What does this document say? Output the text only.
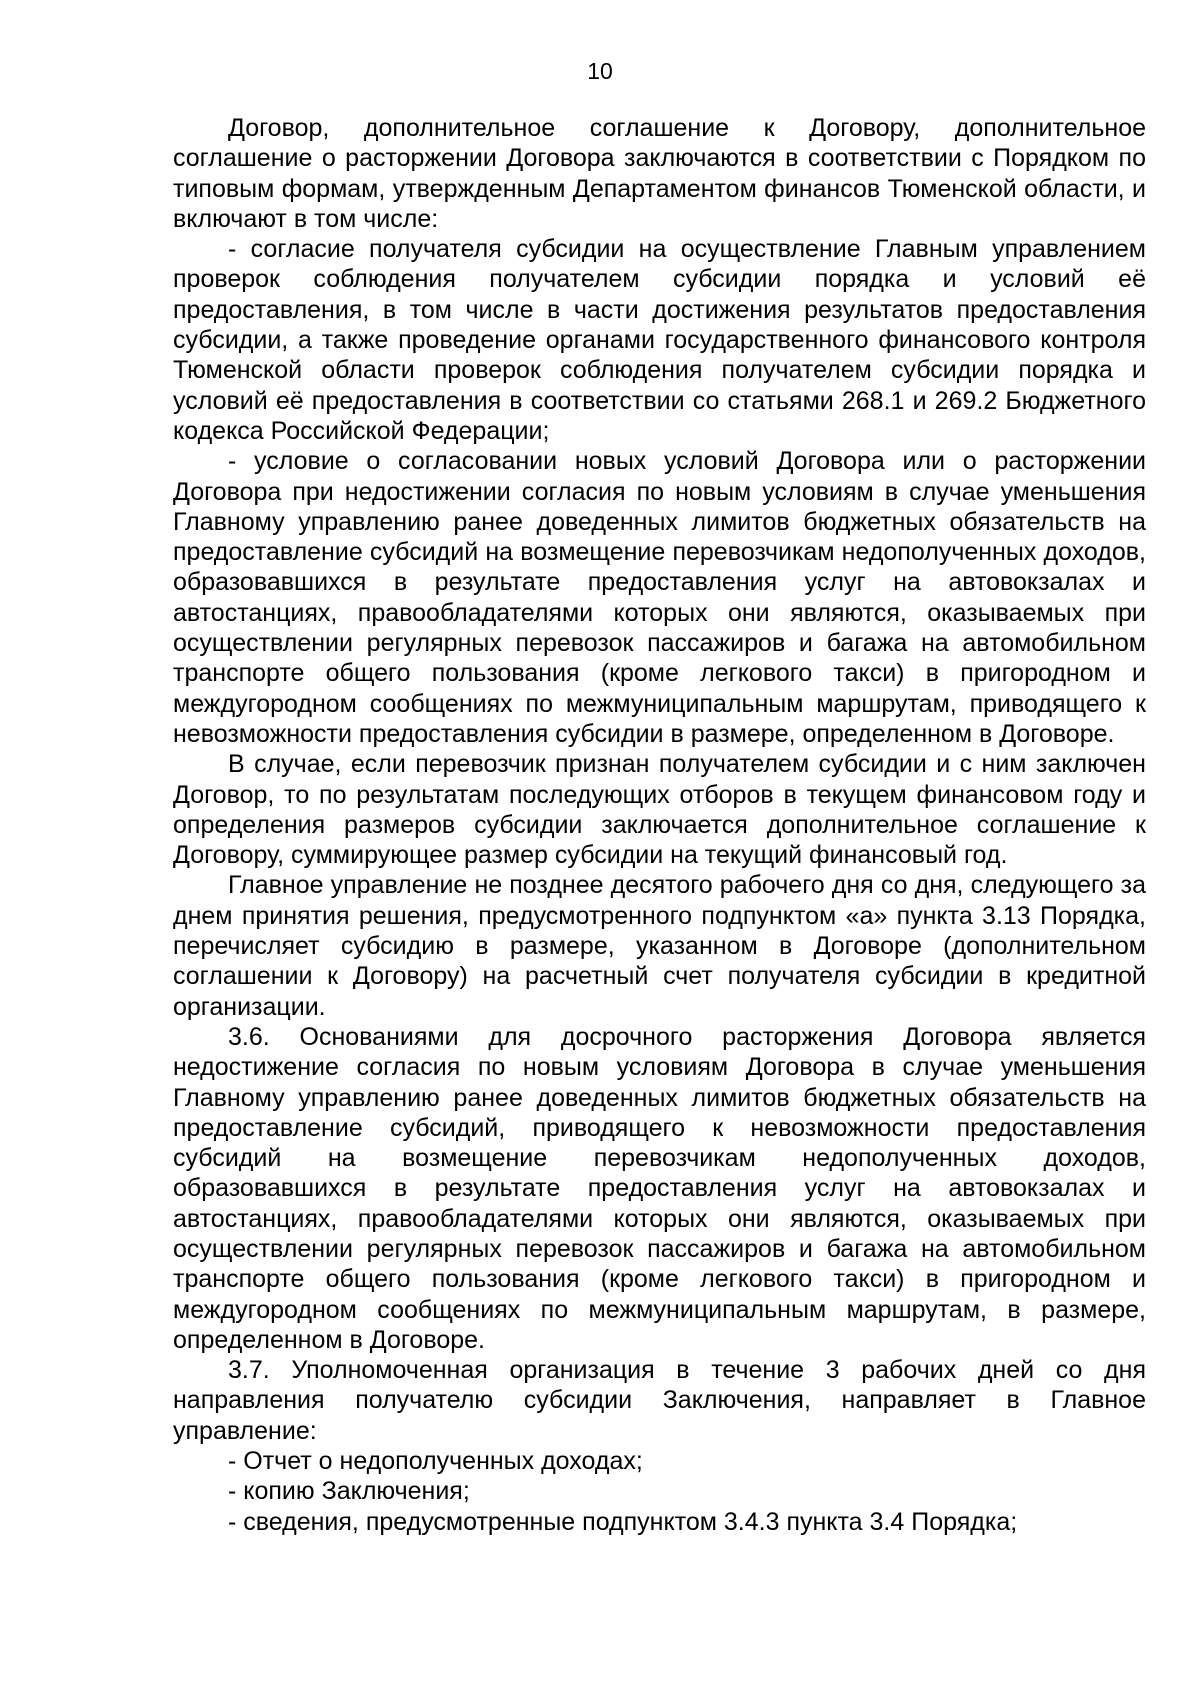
10

Договор, дополнительное соглашение к Договору, дополнительное соглашение о расторжении Договора заключаются в соответствии с Порядком по типовым формам, утвержденным Департаментом финансов Тюменской области, и включают в том числе:

- согласие получателя субсидии на осуществление Главным управлением проверок соблюдения получателем субсидии порядка и условий её предоставления, в том числе в части достижения результатов предоставления субсидии, а также проведение органами государственного финансового контроля Тюменской области проверок соблюдения получателем субсидии порядка и условий её предоставления в соответствии со статьями 268.1 и 269.2 Бюджетного кодекса Российской Федерации;

- условие о согласовании новых условий Договора или о расторжении Договора при недостижении согласия по новым условиям в случае уменьшения Главному управлению ранее доведенных лимитов бюджетных обязательств на предоставление субсидий на возмещение перевозчикам недополученных доходов, образовавшихся в результате предоставления услуг на автовокзалах и автостанциях, правообладателями которых они являются, оказываемых при осуществлении регулярных перевозок пассажиров и багажа на автомобильном транспорте общего пользования (кроме легкового такси) в пригородном и междугородном сообщениях по межмуниципальным маршрутам, приводящего к невозможности предоставления субсидии в размере, определенном в Договоре.

В случае, если перевозчик признан получателем субсидии и с ним заключен Договор, то по результатам последующих отборов в текущем финансовом году и определения размеров субсидии заключается дополнительное соглашение к Договору, суммирующее размер субсидии на текущий финансовый год.

Главное управление не позднее десятого рабочего дня со дня, следующего за днем принятия решения, предусмотренного подпунктом «а» пункта 3.13 Порядка, перечисляет субсидию в размере, указанном в Договоре (дополнительном соглашении к Договору) на расчетный счет получателя субсидии в кредитной организации.

3.6. Основаниями для досрочного расторжения Договора является недостижение согласия по новым условиям Договора в случае уменьшения Главному управлению ранее доведенных лимитов бюджетных обязательств на предоставление субсидий, приводящего к невозможности предоставления субсидий на возмещение перевозчикам недополученных доходов, образовавшихся в результате предоставления услуг на автовокзалах и автостанциях, правообладателями которых они являются, оказываемых при осуществлении регулярных перевозок пассажиров и багажа на автомобильном транспорте общего пользования (кроме легкового такси) в пригородном и междугородном сообщениях по межмуниципальным маршрутам, в размере, определенном в Договоре.

3.7. Уполномоченная организация в течение 3 рабочих дней со дня направления получателю субсидии Заключения, направляет в Главное управление:

- Отчет о недополученных доходах;

- копию Заключения;

- сведения, предусмотренные подпунктом 3.4.3 пункта 3.4 Порядка;
